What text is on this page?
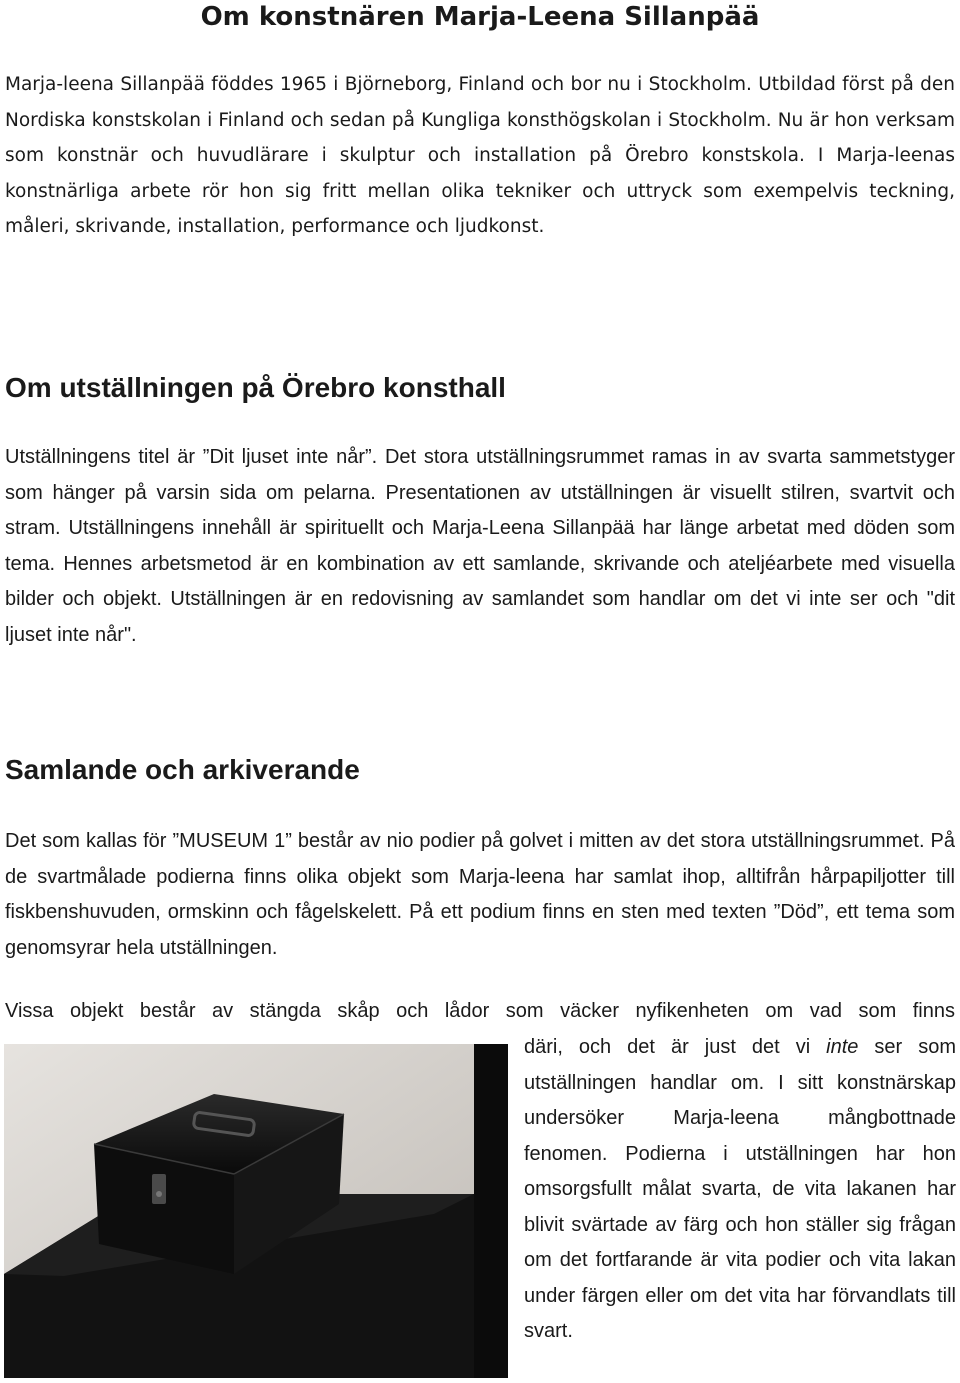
Om konstnären Marja-Leena Sillanpää

Marja-leena Sillanpää föddes 1965 i Björneborg, Finland och bor nu i Stockholm. Utbildad först på den Nordiska konstskolan i Finland och sedan på Kungliga konsthögskolan i Stockholm. Nu är hon verksam som konstnär och huvudlärare i skulptur och installation på Örebro konstskola. I Marja-leenas konstnärliga arbete rör hon sig fritt mellan olika tekniker och uttryck som exempelvis teckning, måleri, skrivande, installation, performance och ljudkonst.

Om utställningen på Örebro konsthall

Utställningens titel är ”Dit ljuset inte når”. Det stora utställningsrummet ramas in av svarta sammetstyger som hänger på varsin sida om pelarna. Presentationen av utställningen är visuellt stilren, svartvit och stram. Utställningens innehåll är spirituellt och Marja-Leena Sillanpää har länge arbetat med döden som tema. Hennes arbetsmetod är en kombination av ett samlande, skrivande och ateljéarbete med visuella bilder och objekt. Utställningen är en redovisning av samlandet som handlar om det vi inte ser och "dit ljuset inte når".

Samlande och arkiverande

Det som kallas för ”MUSEUM 1” består av nio podier på golvet i mitten av det stora utställningsrummet. På de svartmålade podierna finns olika objekt som Marja-leena har samlat ihop, alltifrån hårpapiljotter till fiskbenshuvuden, ormskinn och fågelskelett. På ett podium finns en sten med texten ”Död”, ett tema som genomsyrar hela utställningen.

Vissa objekt består av stängda skåp och lådor som väcker nyfikenheten om vad som finns

däri, och det är just det vi inte ser som utställningen handlar om. I sitt konstnärskap undersöker Marja-leena mångbottnade fenomen. Podierna i utställningen har hon omsorgsfullt målat svarta, de vita lakanen har blivit svärtade av färg och hon ställer sig frågan om det fortfarande är vita podier och vita lakan under färgen eller om det vita har förvandlats till svart.
